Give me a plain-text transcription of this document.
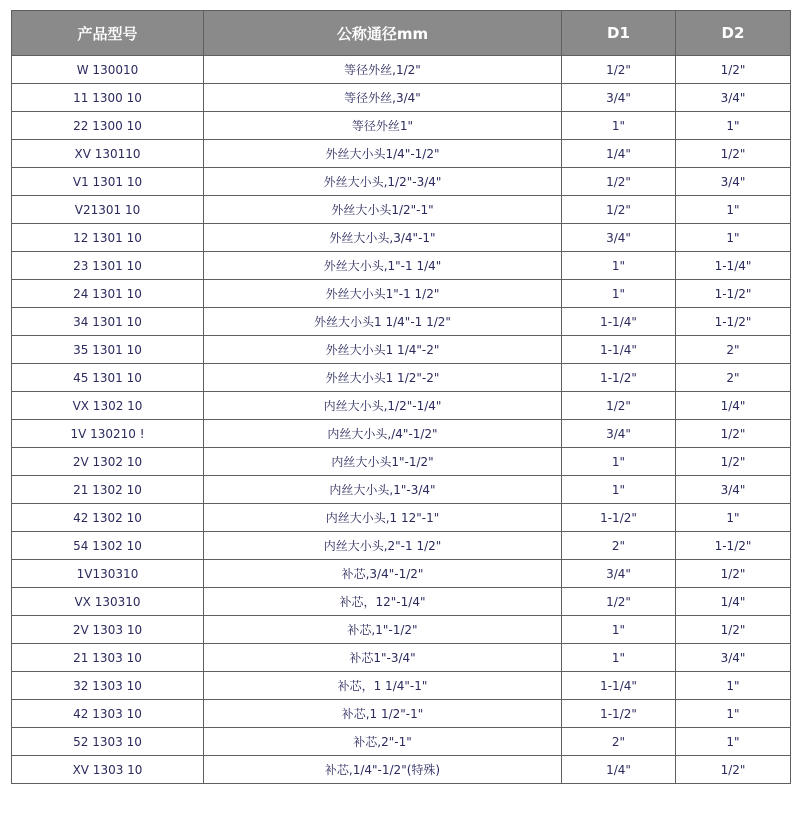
产品型号	公称通径mm	D1	D2
W 130010	等径外丝,1/2"	1/2"	1/2"
11 1300 10	等径外丝,3/4"	3/4"	3/4"
22 1300 10	等径外丝1"	1"	1"
XV 130110	外丝大小头1/4"-1/2"	1/4"	1/2"
V1 1301 10	外丝大小头,1/2"-3/4"	1/2"	3/4"
V21301 10	外丝大小头1/2"-1"	1/2"	1"
12 1301 10	外丝大小头,3/4"-1"	3/4"	1"
23 1301 10	外丝大小头,1"-1 1/4"	1"	1-1/4"
24 1301 10	外丝大小头1"-1 1/2"	1"	1-1/2"
34 1301 10	外丝大小头1 1/4"-1 1/2"	1-1/4"	1-1/2"
35 1301 10	外丝大小头1 1/4"-2"	1-1/4"	2"
45 1301 10	外丝大小头1 1/2"-2"	1-1/2"	2"
VX 1302 10	内丝大小头,1/2"-1/4"	1/2"	1/4"
1V 130210 !	内丝大小头,/4"-1/2"	3/4"	1/2"
2V 1302 10	内丝大小头1"-1/2"	1"	1/2"
21 1302 10	内丝大小头,1"-3/4"	1"	3/4"
42 1302 10	内丝大小头,1 12"-1"	1-1/2"	1"
54 1302 10	内丝大小头,2"-1 1/2"	2"	1-1/2"
1V130310	补芯,3/4"-1/2"	3/4"	1/2"
VX 130310	补芯，12"-1/4"	1/2"	1/4"
2V 1303 10	补芯,1"-1/2"	1"	1/2"
21 1303 10	补芯1"-3/4"	1"	3/4"
32 1303 10	补芯，1 1/4"-1"	1-1/4"	1"
42 1303 10	补芯,1 1/2"-1"	1-1/2"	1"
52 1303 10	补芯,2"-1"	2"	1"
XV 1303 10	补芯,1/4"-1/2"(特殊)	1/4"	1/2"
